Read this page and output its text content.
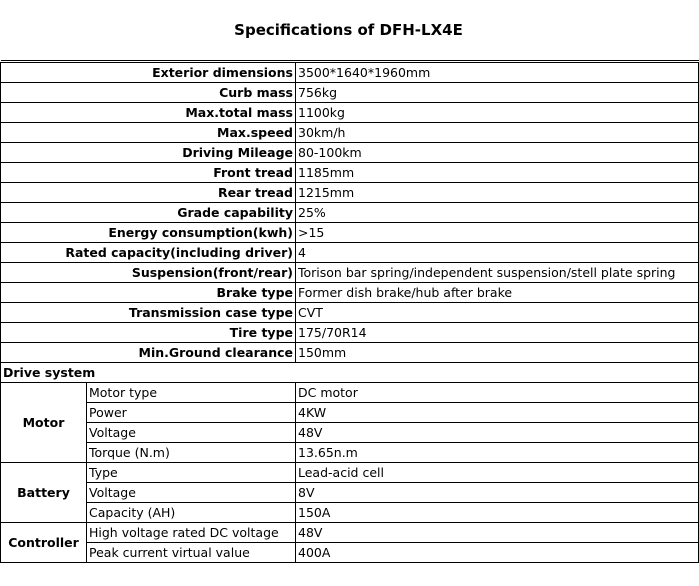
Specifications of DFH-LX4E		

Exterior dimensions		3500*1640*1960mm
Curb mass		756kg
Max.total mass		1100kg
Max.speed		30km/h
Driving Mileage		80-100km
Front tread		1185mm
Rear tread		1215mm
Grade capability		25%
Energy consumption(kwh)		>15
Rated capacity(including driver)		4
Suspension(front/rear)		Torison bar spring/independent suspension/stell plate spring
Brake type		Former dish brake/hub after brake
Transmission case type		CVT
Tire type		175/70R14
Min.Ground clearance		150mm
Drive system		
Motor	Motor type	DC motor
	Power	4KW
	Voltage	48V
	Torque (N.m)	13.65n.m
Battery	Type	Lead-acid cell
	Voltage	8V
	Capacity (AH)	150A
Controller	High voltage rated DC voltage	48V
	Peak current virtual value	400A
